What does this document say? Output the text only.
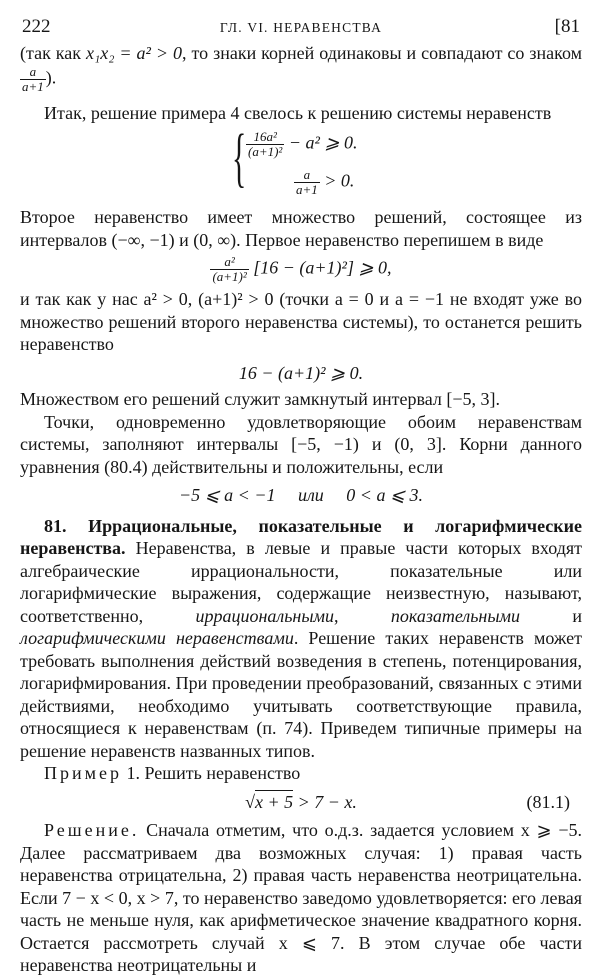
222	ГЛ. VI. НЕРАВЕНСТВА	[81

(так как x₁x₂ = a² > 0, то знаки корней одинаковы и совпадают со знаком
$\frac{a}{a+1}$ ).

Итак, решение примера 4 свелось к решению системы неравенств

{ $\frac{\text{16a²}}{\text{(a+1)²}} - a^2$ ⩾ 0.
$\frac{a}{a+1} > 0$.

Второе неравенство имеет множество решений, состоящее из интервалов (−∞, −1) и (0, ∞). Первое неравенство перепишем в виде

$\frac{\text{a²}}{\text{(a+1)²}} [16 - (a+1)^2]$ ⩾ 0,

и так как у нас a² > 0, (a+1)² > 0 (точки a = 0 и a = −1 не входят уже во множество решений второго неравенства системы), то останется решить неравенство

16 − (a+1)² ⩾ 0.

Множеством его решений служит замкнутый интервал [−5, 3].

Точки, одновременно удовлетворяющие обоим неравенствам системы, заполняют интервалы [−5, −1) и (0, 3]. Корни данного уравнения (80.4) действительны и положительны, если

−5 ⩽ a < −1     или     0 < a ⩽ 3.

81. Иррациональные, показательные и логарифмические неравенства. Неравенства, в левые и правые части которых входят алгебраические иррациональности, показательные или логарифмические выражения, содержащие неизвестную, называют, соответственно, иррациональными, показательными и логарифмическими неравенствами. Решение таких неравенств может требовать выполнения действий возведения в степень, потенцирования, логарифмирования. При проведении преобразований, связанных с этими действиями, необходимо учитывать соответствующие правила, относящиеся к неравенствам (п. 74). Приведем типичные примеры на решение неравенств названных типов.

Пример 1. Решить неравенство

√x + 5 > 7 − x.	(81.1)

Решение. Сначала отметим, что о.д.з. задается условием x ⩾ −5. Далее рассматриваем два возможных случая: 1) правая часть неравенства отрицательна, 2) правая часть неравенства неотрицательна. Если 7 − x < 0, x > 7, то неравенство заведомо удовлетворяется: его левая часть не меньше нуля, как арифметическое значение квадратного корня. Остается рассмотреть случай x ⩽ 7. В этом случае обе части неравенства неотрицательны и
